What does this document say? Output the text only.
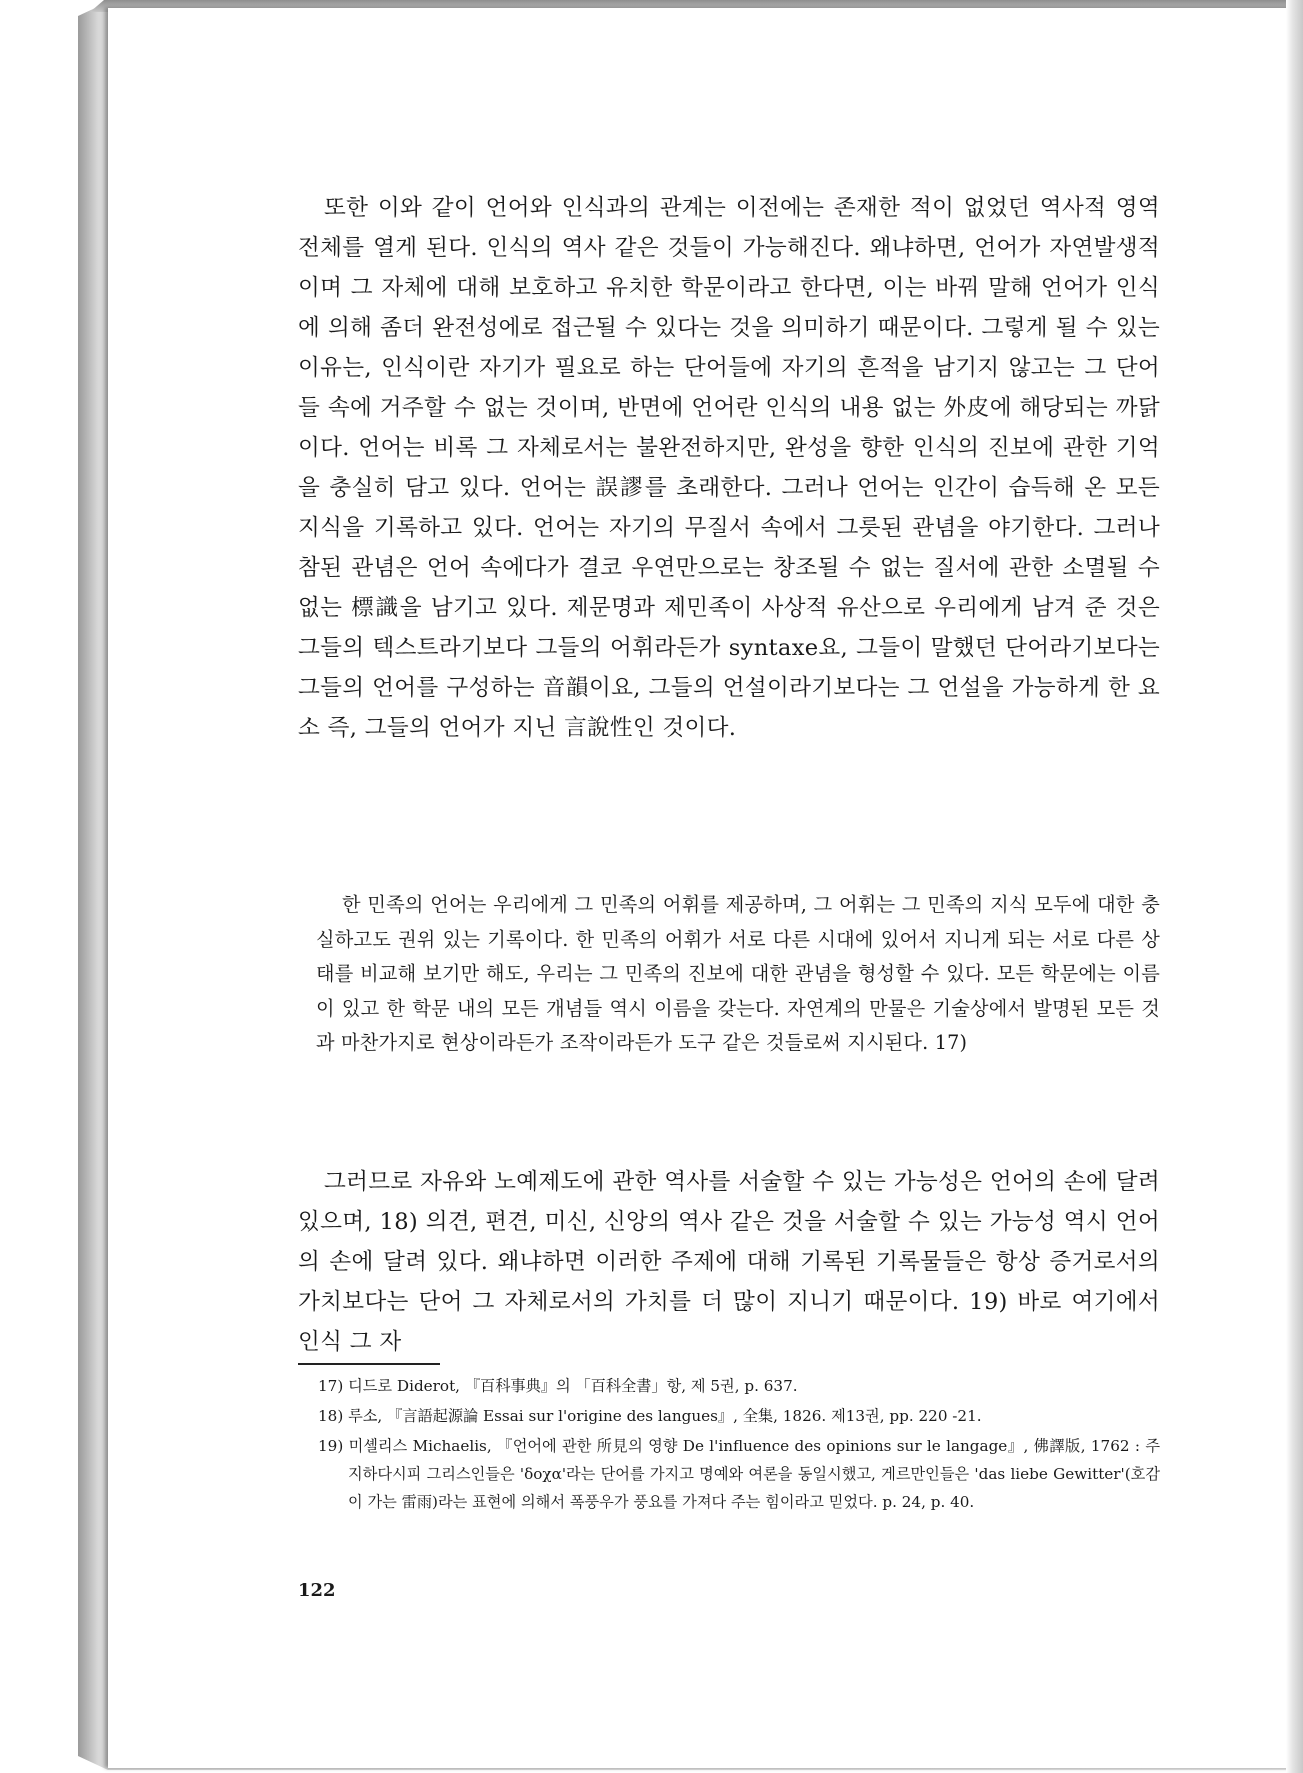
또한 이와 같이 언어와 인식과의 관계는 이전에는 존재한 적이 없었던 역사적 영역 전체를 열게 된다. 인식의 역사 같은 것들이 가능해진다. 왜냐하면, 언어가 자연발생적이며 그 자체에 대해 보호하고 유치한 학문이라고 한다면, 이는 바꿔 말해 언어가 인식에 의해 좀더 완전성에로 접근될 수 있다는 것을 의미하기 때문이다. 그렇게 될 수 있는 이유는, 인식이란 자기가 필요로 하는 단어들에 자기의 흔적을 남기지 않고는 그 단어들 속에 거주할 수 없는 것이며, 반면에 언어란 인식의 내용 없는 外皮에 해당되는 까닭이다. 언어는 비록 그 자체로서는 불완전하지만, 완성을 향한 인식의 진보에 관한 기억을 충실히 담고 있다. 언어는 誤謬를 초래한다. 그러나 언어는 인간이 습득해 온 모든 지식을 기록하고 있다. 언어는 자기의 무질서 속에서 그릇된 관념을 야기한다. 그러나 참된 관념은 언어 속에다가 결코 우연만으로는 창조될 수 없는 질서에 관한 소멸될 수 없는 標識을 남기고 있다. 제문명과 제민족이 사상적 유산으로 우리에게 남겨 준 것은 그들의 텍스트라기보다 그들의 어휘라든가 syntaxe요, 그들이 말했던 단어라기보다는 그들의 언어를 구성하는 音韻이요, 그들의 언설이라기보다는 그 언설을 가능하게 한 요소 즉, 그들의 언어가 지닌 言說性인 것이다.

한 민족의 언어는 우리에게 그 민족의 어휘를 제공하며, 그 어휘는 그 민족의 지식 모두에 대한 충실하고도 권위 있는 기록이다. 한 민족의 어휘가 서로 다른 시대에 있어서 지니게 되는 서로 다른 상태를 비교해 보기만 해도, 우리는 그 민족의 진보에 대한 관념을 형성할 수 있다. 모든 학문에는 이름이 있고 한 학문 내의 모든 개념들 역시 이름을 갖는다. 자연계의 만물은 기술상에서 발명된 모든 것과 마찬가지로 현상이라든가 조작이라든가 도구 같은 것들로써 지시된다. 17)

그러므로 자유와 노예제도에 관한 역사를 서술할 수 있는 가능성은 언어의 손에 달려 있으며, 18) 의견, 편견, 미신, 신앙의 역사 같은 것을 서술할 수 있는 가능성 역시 언어의 손에 달려 있다. 왜냐하면 이러한 주제에 대해 기록된 기록물들은 항상 증거로서의 가치보다는 단어 그 자체로서의 가치를 더 많이 지니기 때문이다. 19) 바로 여기에서 인식 그 자

17) 디드로 Diderot, 『百科事典』의 「百科全書」항, 제 5권, p. 637.

18) 루소, 『言語起源論 Essai sur l'origine des langues』, 全集, 1826. 제13권, pp. 220 -21.

19) 미셸리스 Michaelis, 『언어에 관한 所見의 영향 De l'influence des opinions sur le langage』, 佛譯版, 1762 : 주지하다시피 그리스인들은 'δοχα'라는 단어를 가지고 명예와 여론을 동일시했고, 게르만인들은 'das liebe Gewitter'(호감이 가는 雷雨)라는 표현에 의해서 폭풍우가 풍요를 가져다 주는 힘이라고 믿었다. p. 24, p. 40.

122
